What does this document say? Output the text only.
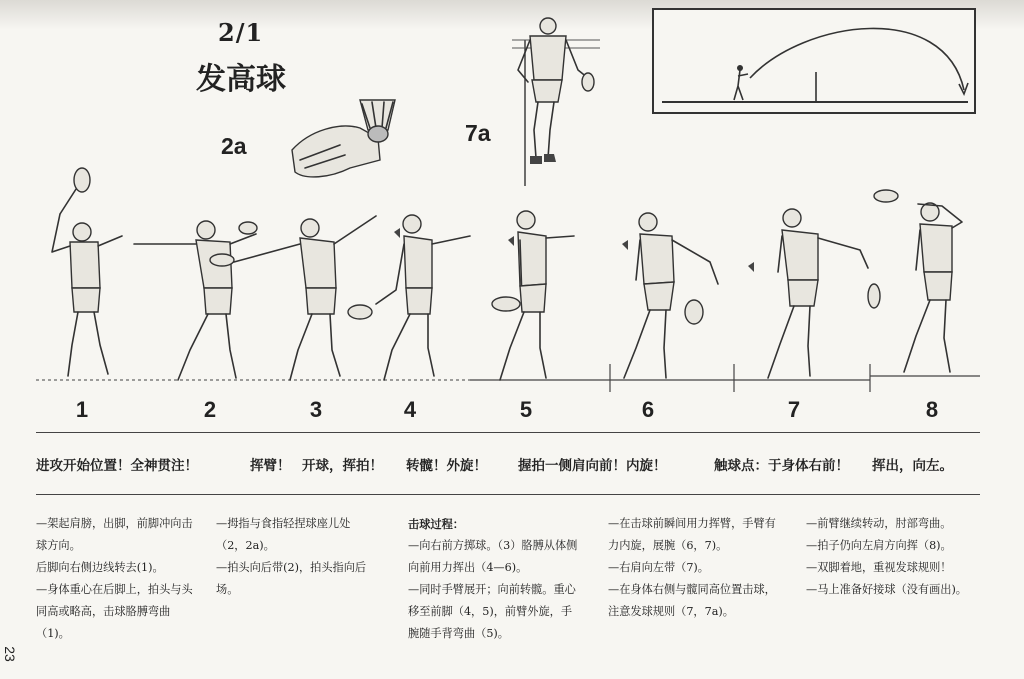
2/1
发高球
2a	7a
1	2	3	4	5	6	7	8
进攻开始位置！全神贯注！	挥臂！ 开球，挥拍！ 转髋！外旋！ 握拍一侧肩向前！内旋！	触球点：于身体右前！ 挥出，向左。

—架起肩膀，出脚，前脚冲向击球方向。

后脚向右侧边线转去(1)。

—身体重心在后脚上，拍头与头同高或略高，击球胳膊弯曲（1)。

—拇指与食指轻捏球座儿处（2，2a)。

—拍头向后带(2)，拍头指向后场。

击球过程：

—向右前方掷球。（3）胳膊从体侧向前用力挥出（4—6)。

—同时手臂展开；向前转髋。重心移至前脚（4，5)，前臂外旋，手腕随手背弯曲（5)。

—在击球前瞬间用力挥臂，手臂有力内旋，展腕（6，7)。

—右肩向左带（7)。

—在身体右侧与髋同高位置击球，注意发球规则（7，7a)。

—前臂继续转动，肘部弯曲。

—拍子仍向左肩方向挥（8)。

—双脚着地，重视发球规则！

—马上准备好接球（没有画出)。

23
